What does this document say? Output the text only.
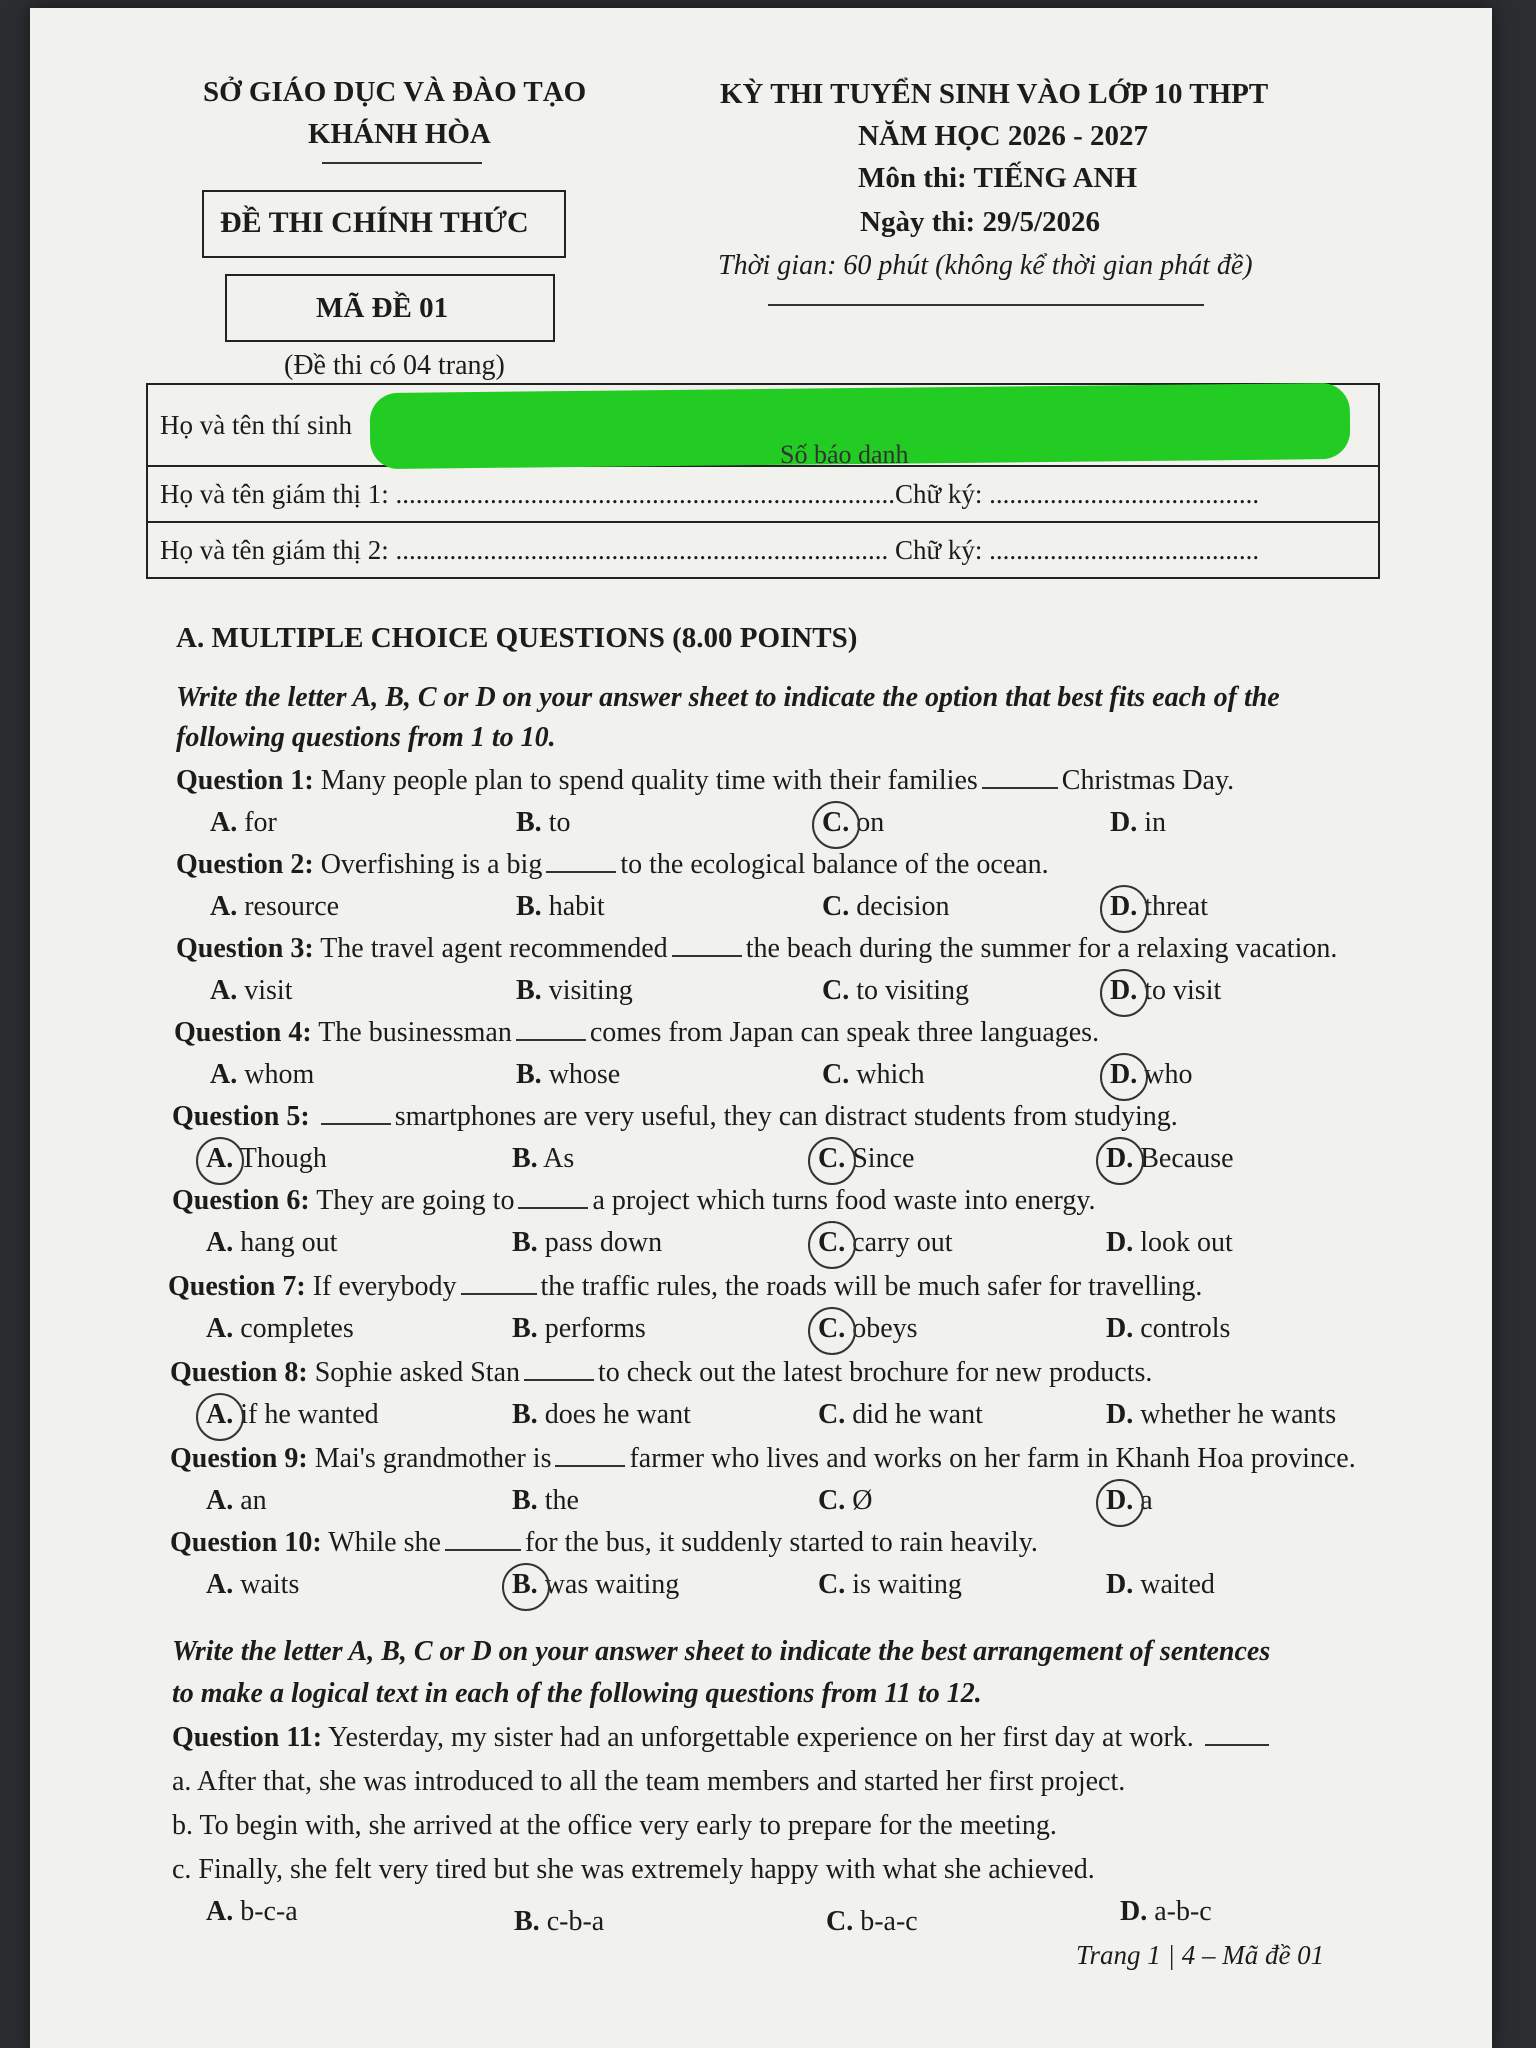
SỞ GIÁO DỤC VÀ ĐÀO TẠO
KHÁNH HÒA
ĐỀ THI CHÍNH THỨC
MÃ ĐỀ 01
(Đề thi có 04 trang)
KỲ THI TUYỂN SINH VÀO LỚP 10 THPT
NĂM HỌC 2026 - 2027
Môn thi: TIẾNG ANH
Ngày thi: 29/5/2026
Thời gian: 60 phút (không kể thời gian phát đề)
Họ và tên thí sinh
Họ và tên giám thị 1: ..........................................................................Chữ ký: ........................................
Họ và tên giám thị 2: ......................................................................... Chữ ký: ........................................
Số báo danh
A. MULTIPLE CHOICE QUESTIONS (8.00 POINTS)
Write the letter A, B, C or D on your answer sheet to indicate the option that best fits each of the
following questions from 1 to 10.
Question 1: Many people plan to spend quality time with their families	Christmas Day.
A. for	B. to	C. on	D. in
Question 2: Overfishing is a big	to the ecological balance of the ocean.
A. resource	B. habit	C. decision	D. threat
Question 3: The travel agent recommended	the beach during the summer for a relaxing vacation.
A. visit	B. visiting	C. to visiting	D. to visit
Question 4: The businessman	comes from Japan can speak three languages.
A. whom	B. whose	C. which	D. who
Question 5:	smartphones are very useful, they can distract students from studying.
A. Though	B. As	C. Since	D. Because
Question 6: They are going to	a project which turns food waste into energy.
A. hang out	B. pass down	C. carry out	D. look out
Question 7: If everybody	the traffic rules, the roads will be much safer for travelling.
A. completes	B. performs	C. obeys	D. controls
Question 8: Sophie asked Stan	to check out the latest brochure for new products.
A. if he wanted	B. does he want	C. did he want	D. whether he wants
Question 9: Mai's grandmother is	farmer who lives and works on her farm in Khanh Hoa province.
A. an	B. the	C. Ø	D. a
Question 10: While she	for the bus, it suddenly started to rain heavily.
A. waits	B. was waiting	C. is waiting	D. waited
Write the letter A, B, C or D on your answer sheet to indicate the best arrangement of sentences
to make a logical text in each of the following questions from 11 to 12.
Question 11: Yesterday, my sister had an unforgettable experience on her first day at work.
a. After that, she was introduced to all the team members and started her first project.
b. To begin with, she arrived at the office very early to prepare for the meeting.
c. Finally, she felt very tired but she was extremely happy with what she achieved.
A. b-c-a	B. c-b-a	C. b-a-c	D. a-b-c
Trang 1 | 4 – Mã đề 01
